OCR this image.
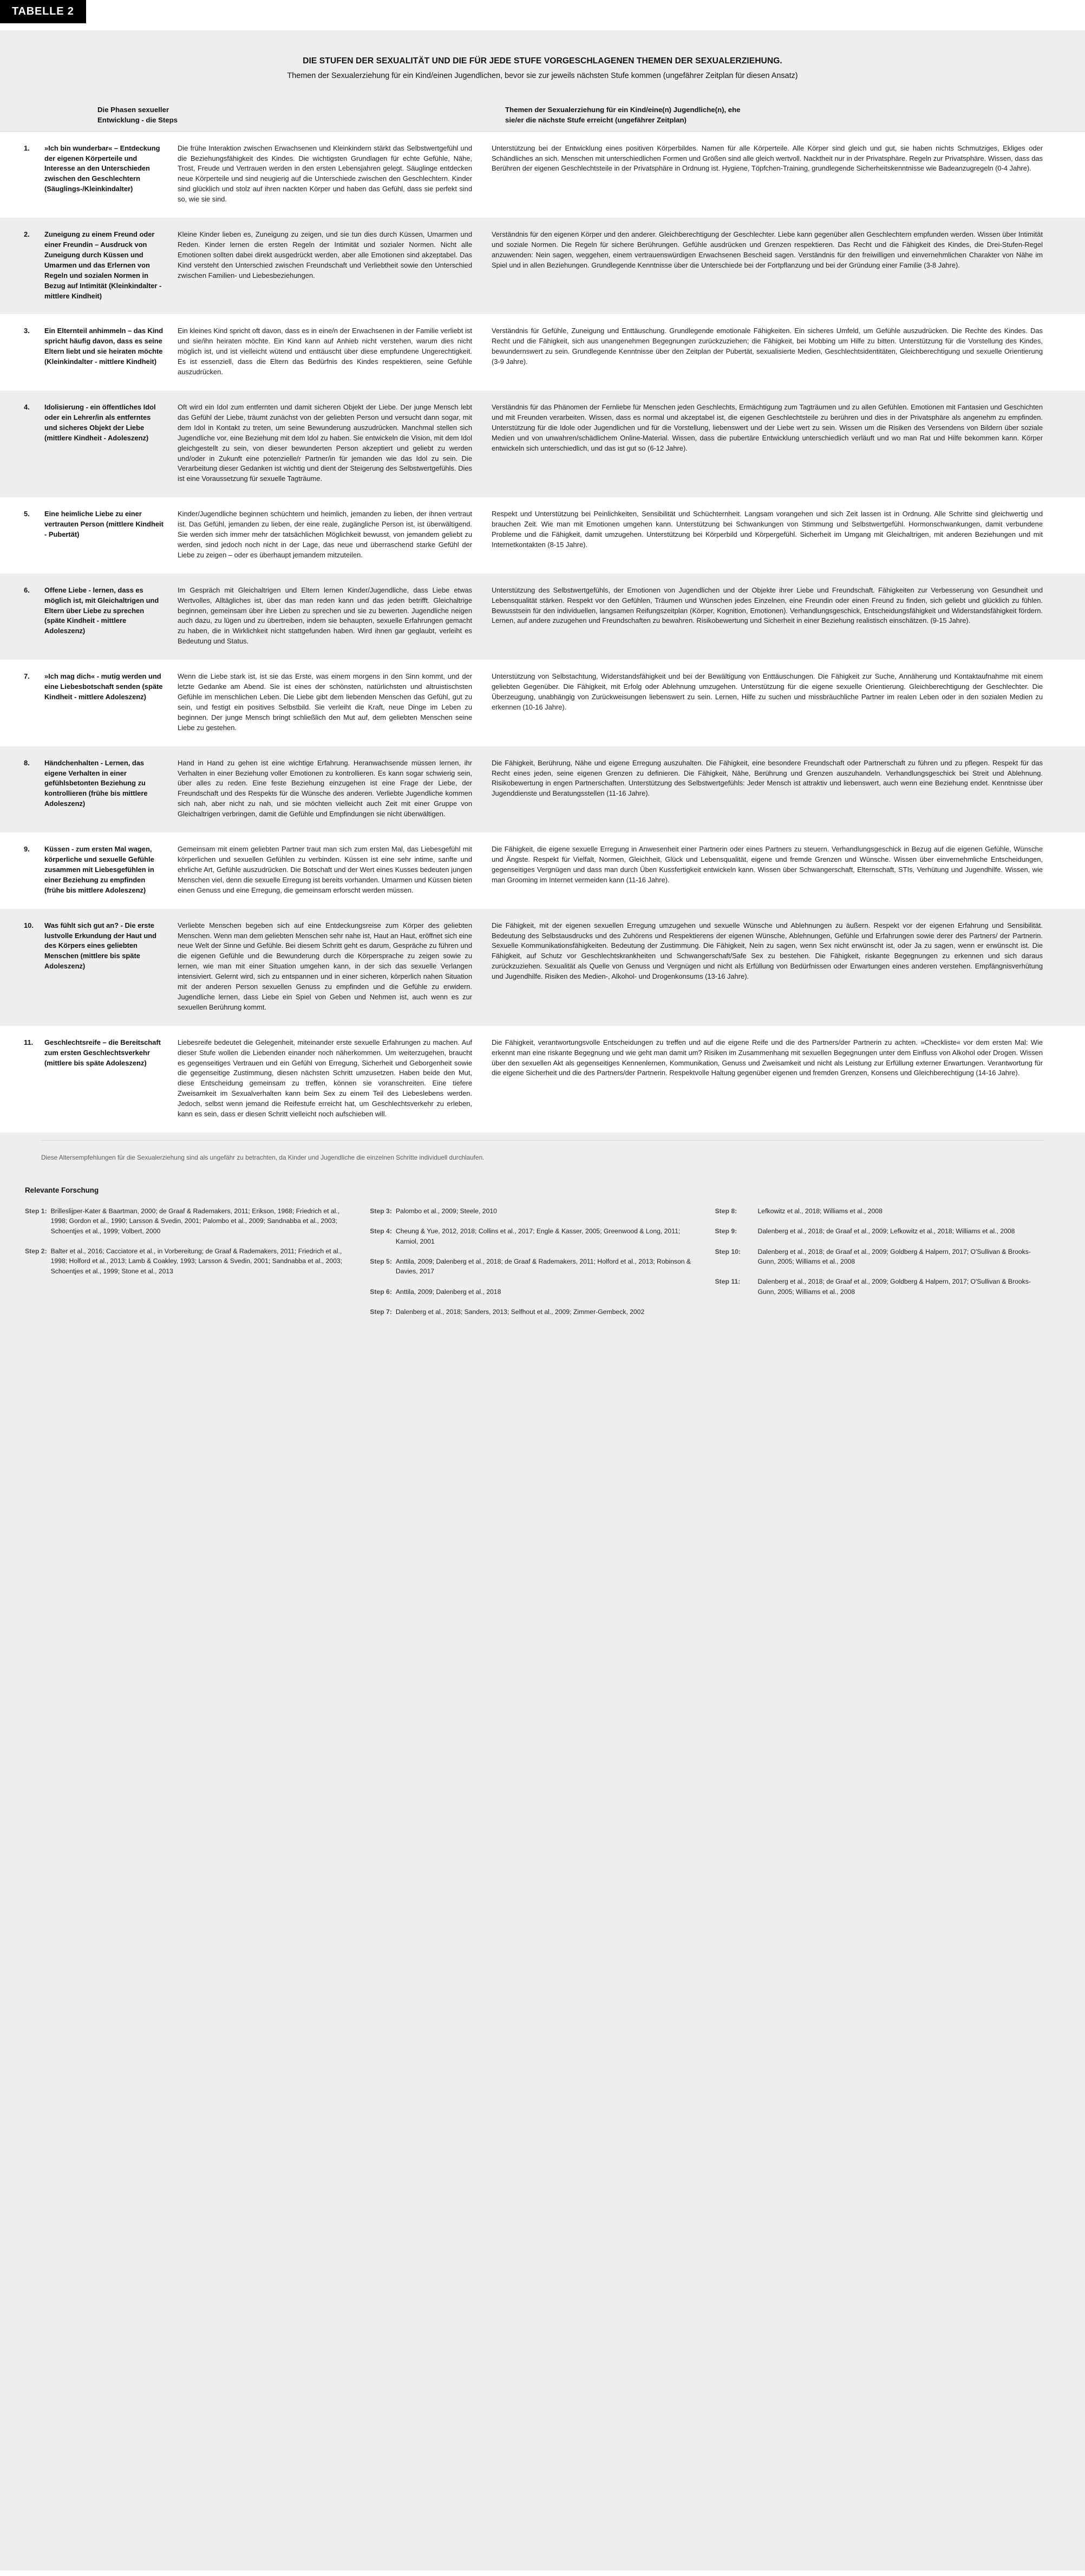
TABELLE 2
DIE STUFEN DER SEXUALITÄT UND DIE FÜR JEDE STUFE VORGESCHLAGENEN THEMEN DER SEXUALERZIEHUNG.
Themen der Sexualerziehung für ein Kind/einen Jugendlichen, bevor sie zur jeweils nächsten Stufe kommen (ungefährer Zeitplan für diesen Ansatz)
Die Phasen sexueller Entwicklung - die Steps
Themen der Sexualerziehung für ein Kind/eine(n) Jugendliche(n), ehe
sie/er die nächste Stufe erreicht (ungefährer Zeitplan)
1.	»Ich bin wunderbar« – Entdeckung der eigenen Körperteile und Interesse an den Unterschieden zwischen den Geschlechtern (Säuglings-/Kleinkindalter)
Die frühe Interaktion zwischen Erwachsenen und Kleinkindern stärkt das Selbstwertgefühl und die Beziehungsfähigkeit des Kindes. Die wichtigsten Grundlagen für echte Gefühle, Nähe, Trost, Freude und Vertrauen werden in den ersten Lebensjahren gelegt. Säuglinge entdecken neue Körperteile und sind neugierig auf die Unterschiede zwischen den Geschlechtern. Kinder sind glücklich und stolz auf ihren nackten Körper und haben das Gefühl, dass sie perfekt sind so, wie sie sind.
Unterstützung bei der Entwicklung eines positiven Körperbildes. Namen für alle Körperteile. Alle Körper sind gleich und gut, sie haben nichts Schmutziges, Ekliges oder Schändliches an sich. Menschen mit unterschiedlichen Formen und Größen sind alle gleich wertvoll. Nacktheit nur in der Privatsphäre. Regeln zur Privatsphäre. Wissen, dass das Berühren der eigenen Geschlechtsteile in der Privatsphäre in Ordnung ist. Hygiene, Töpfchen-Training, grundlegende Sicherheitskenntnisse wie Badeanzugregeln (0-4 Jahre).
2.	Zuneigung zu einem Freund oder einer Freundin – Ausdruck von Zuneigung durch Küssen und Umarmen und das Erlernen von Regeln und sozialen Normen in Bezug auf Intimität (Kleinkindalter - mittlere Kindheit)
Kleine Kinder lieben es, Zuneigung zu zeigen, und sie tun dies durch Küssen, Umarmen und Reden. Kinder lernen die ersten Regeln der Intimität und sozialer Normen. Nicht alle Emotionen sollten dabei direkt ausgedrückt werden, aber alle Emotionen sind akzeptabel. Das Kind versteht den Unterschied zwischen Freundschaft und Verliebtheit sowie den Unterschied zwischen Familien- und Liebesbeziehungen.
Verständnis für den eigenen Körper und den anderer. Gleichberechtigung der Geschlechter. Liebe kann gegenüber allen Geschlechtern empfunden werden. Wissen über Intimität und soziale Normen. Die Regeln für sichere Berührungen. Gefühle ausdrücken und Grenzen respektieren. Das Recht und die Fähigkeit des Kindes, die Drei-Stufen-Regel anzuwenden: Nein sagen, weggehen, einem vertrauenswürdigen Erwachsenen Bescheid sagen. Verständnis für den freiwilligen und einvernehmlichen Charakter von Nähe im Spiel und in allen Beziehungen. Grundlegende Kenntnisse über die Unterschiede bei der Fortpflanzung und bei der Gründung einer Familie (3-8 Jahre).
3.	Ein Elternteil anhimmeln – das Kind spricht häufig davon, dass es seine Eltern liebt und sie heiraten möchte (Kleinkindalter - mittlere Kindheit)
Ein kleines Kind spricht oft davon, dass es in eine/n der Erwachsenen in der Familie verliebt ist und sie/ihn heiraten möchte. Ein Kind kann auf Anhieb nicht verstehen, warum dies nicht möglich ist, und ist vielleicht wütend und enttäuscht über diese empfundene Ungerechtigkeit. Es ist essenziell, dass die Eltern das Bedürfnis des Kindes respektieren, seine Gefühle auszudrücken.
Verständnis für Gefühle, Zuneigung und Enttäuschung. Grundlegende emotionale Fähigkeiten. Ein sicheres Umfeld, um Gefühle auszudrücken. Die Rechte des Kindes. Das Recht und die Fähigkeit, sich aus unangenehmen Begegnungen zurückzuziehen; die Fähigkeit, bei Mobbing um Hilfe zu bitten. Unterstützung für die Vorstellung des Kindes, bewundernswert zu sein. Grundlegende Kenntnisse über den Zeitplan der Pubertät, sexualisierte Medien, Geschlechtsidentitäten, Gleichberechtigung und sexuelle Orientierung (3-9 Jahre).
4.	Idolisierung - ein öffentliches Idol oder ein Lehrer/in als entferntes und sicheres Objekt der Liebe (mittlere Kindheit - Adoleszenz)
Oft wird ein Idol zum entfernten und damit sicheren Objekt der Liebe. Der junge Mensch lebt das Gefühl der Liebe, träumt zunächst von der geliebten Person und versucht dann sogar, mit dem Idol in Kontakt zu treten, um seine Bewunderung auszudrücken. Manchmal stellen sich Jugendliche vor, eine Beziehung mit dem Idol zu haben. Sie entwickeln die Vision, mit dem Idol gleichgestellt zu sein, von dieser bewunderten Person akzeptiert und geliebt zu werden und/oder in Zukunft eine potenzielle/r Partner/in für jemanden wie das Idol zu sein. Die Verarbeitung dieser Gedanken ist wichtig und dient der Steigerung des Selbstwertgefühls. Dies ist eine Voraussetzung für sexuelle Tagträume.
Verständnis für das Phänomen der Fernliebe für Menschen jeden Geschlechts, Ermächtigung zum Tagträumen und zu allen Gefühlen. Emotionen mit Fantasien und Geschichten und mit Freunden verarbeiten. Wissen, dass es normal und akzeptabel ist, die eigenen Geschlechtsteile zu berühren und dies in der Privatsphäre als angenehm zu empfinden. Unterstützung für die Idole oder Jugendlichen und für die Vorstellung, liebenswert und der Liebe wert zu sein. Wissen um die Risiken des Versendens von Bildern über soziale Medien und von unwahren/schädlichem Online-Material. Wissen, dass die pubertäre Entwicklung unterschiedlich verläuft und wo man Rat und Hilfe bekommen kann. Körper entwickeln sich unterschiedlich, und das ist gut so (6-12 Jahre).
5.	Eine heimliche Liebe zu einer vertrauten Person (mittlere Kindheit - Pubertät)
Kinder/Jugendliche beginnen schüchtern und heimlich, jemanden zu lieben, der ihnen vertraut ist. Das Gefühl, jemanden zu lieben, der eine reale, zugängliche Person ist, ist überwältigend. Sie werden sich immer mehr der tatsächlichen Möglichkeit bewusst, von jemandem geliebt zu werden, sind jedoch noch nicht in der Lage, das neue und überraschend starke Gefühl der Liebe zu zeigen – oder es überhaupt jemandem mitzuteilen.
Respekt und Unterstützung bei Peinlichkeiten, Sensibilität und Schüchternheit. Langsam vorangehen und sich Zeit lassen ist in Ordnung. Alle Schritte sind gleichwertig und brauchen Zeit. Wie man mit Emotionen umgehen kann. Unterstützung bei Schwankungen von Stimmung und Selbstwertgefühl. Hormonschwankungen, damit verbundene Probleme und die Fähigkeit, damit umzugehen. Unterstützung bei Körperbild und Körpergefühl. Sicherheit im Umgang mit Gleichaltrigen, mit anderen Beziehungen und mit Internetkontakten (8-15 Jahre).
6.	Offene Liebe - lernen, dass es möglich ist, mit Gleichaltrigen und Eltern über Liebe zu sprechen (späte Kindheit - mittlere Adoleszenz)
Im Gespräch mit Gleichaltrigen und Eltern lernen Kinder/Jugendliche, dass Liebe etwas Wertvolles, Alltägliches ist, über das man reden kann und das jeden betrifft. Gleichaltrige beginnen, gemeinsam über ihre Lieben zu sprechen und sie zu bewerten. Jugendliche neigen auch dazu, zu lügen und zu übertreiben, indem sie behaupten, sexuelle Erfahrungen gemacht zu haben, die in Wirklichkeit nicht stattgefunden haben. Wird ihnen gar geglaubt, verleiht es Bedeutung und Status.
Unterstützung des Selbstwertgefühls, der Emotionen von Jugendlichen und der Objekte ihrer Liebe und Freundschaft. Fähigkeiten zur Verbesserung von Gesundheit und Lebensqualität stärken. Respekt vor den Gefühlen, Träumen und Wünschen jedes Einzelnen, eine Freundin oder einen Freund zu finden, sich geliebt und glücklich zu fühlen. Bewusstsein für den individuellen, langsamen Reifungszeitplan (Körper, Kognition, Emotionen). Verhandlungsgeschick, Entscheidungsfähigkeit und Widerstandsfähigkeit fördern. Lernen, auf andere zuzugehen und Freundschaften zu bewahren. Risikobewertung und Sicherheit in einer Beziehung realistisch einschätzen. (9-15 Jahre).
7.	»Ich mag dich« - mutig werden und eine Liebesbotschaft senden (späte Kindheit - mittlere Adoleszenz)
Wenn die Liebe stark ist, ist sie das Erste, was einem morgens in den Sinn kommt, und der letzte Gedanke am Abend. Sie ist eines der schönsten, natürlichsten und altruistischsten Gefühle im menschlichen Leben. Die Liebe gibt dem liebenden Menschen das Gefühl, gut zu sein, und festigt ein positives Selbstbild. Sie verleiht die Kraft, neue Dinge im Leben zu beginnen. Der junge Mensch bringt schließlich den Mut auf, dem geliebten Menschen seine Liebe zu gestehen.
Unterstützung von Selbstachtung, Widerstandsfähigkeit und bei der Bewältigung von Enttäuschungen. Die Fähigkeit zur Suche, Annäherung und Kontaktaufnahme mit einem geliebten Gegenüber. Die Fähigkeit, mit Erfolg oder Ablehnung umzugehen. Unterstützung für die eigene sexuelle Orientierung. Gleichberechtigung der Geschlechter. Die Überzeugung, unabhängig von Zurückweisungen liebenswert zu sein. Lernen, Hilfe zu suchen und missbräuchliche Partner im realen Leben oder in den sozialen Medien zu erkennen (10-16 Jahre).
8.	Händchenhalten - Lernen, das eigene Verhalten in einer gefühlsbetonten Beziehung zu kontrollieren (frühe bis mittlere Adoleszenz)
Hand in Hand zu gehen ist eine wichtige Erfahrung. Heranwachsende müssen lernen, ihr Verhalten in einer Beziehung voller Emotionen zu kontrollieren. Es kann sogar schwierig sein, über alles zu reden. Eine feste Beziehung einzugehen ist eine Frage der Liebe, der Freundschaft und des Respekts für die Wünsche des anderen. Verliebte Jugendliche kommen sich nah, aber nicht zu nah, und sie möchten vielleicht auch Zeit mit einer Gruppe von Gleichaltrigen verbringen, damit die Gefühle und Empfindungen sie nicht überwältigen.
Die Fähigkeit, Berührung, Nähe und eigene Erregung auszuhalten. Die Fähigkeit, eine besondere Freundschaft oder Partnerschaft zu führen und zu pflegen. Respekt für das Recht eines jeden, seine eigenen Grenzen zu definieren. Die Fähigkeit, Nähe, Berührung und Grenzen auszuhandeln. Verhandlungsgeschick bei Streit und Ablehnung. Risikobewertung in engen Partnerschaften. Unterstützung des Selbstwertgefühls: Jeder Mensch ist attraktiv und liebenswert, auch wenn eine Beziehung endet. Kenntnisse über Jugenddienste und Beratungsstellen (11-16 Jahre).
9.	Küssen - zum ersten Mal wagen, körperliche und sexuelle Gefühle zusammen mit Liebesgefühlen in einer Beziehung zu empfinden (frühe bis mittlere Adoleszenz)
Gemeinsam mit einem geliebten Partner traut man sich zum ersten Mal, das Liebesgefühl mit körperlichen und sexuellen Gefühlen zu verbinden. Küssen ist eine sehr intime, sanfte und ehrliche Art, Gefühle auszudrücken. Die Botschaft und der Wert eines Kusses bedeuten jungen Menschen viel, denn die sexuelle Erregung ist bereits vorhanden. Umarmen und Küssen bieten einen Genuss und eine Erregung, die gemeinsam erforscht werden müssen.
Die Fähigkeit, die eigene sexuelle Erregung in Anwesenheit einer Partnerin oder eines Partners zu steuern. Verhandlungsgeschick in Bezug auf die eigenen Gefühle, Wünsche und Ängste. Respekt für Vielfalt, Normen, Gleichheit, Glück und Lebensqualität, eigene und fremde Grenzen und Wünsche. Wissen über einvernehmliche Entscheidungen, gegenseitiges Vergnügen und dass man durch Üben Kussfertigkeit entwickeln kann. Wissen über Schwangerschaft, Elternschaft, STIs, Verhütung und Jugendhilfe. Wissen, wie man Grooming im Internet vermeiden kann (11-16 Jahre).
10.	Was fühlt sich gut an? - Die erste lustvolle Erkundung der Haut und des Körpers eines geliebten Menschen (mittlere bis späte Adoleszenz)
Verliebte Menschen begeben sich auf eine Entdeckungsreise zum Körper des geliebten Menschen. Wenn man dem geliebten Menschen sehr nahe ist, Haut an Haut, eröffnet sich eine neue Welt der Sinne und Gefühle. Bei diesem Schritt geht es darum, Gespräche zu führen und die eigenen Gefühle und die Bewunderung durch die Körpersprache zu zeigen sowie zu lernen, wie man mit einer Situation umgehen kann, in der sich das sexuelle Verlangen intensiviert. Gelernt wird, sich zu entspannen und in einer sicheren, körperlich nahen Situation mit der anderen Person sexuellen Genuss zu empfinden und die Gefühle zu erwidern. Jugendliche lernen, dass Liebe ein Spiel von Geben und Nehmen ist, auch wenn es zur sexuellen Berührung kommt.
Die Fähigkeit, mit der eigenen sexuellen Erregung umzugehen und sexuelle Wünsche und Ablehnungen zu äußern. Respekt vor der eigenen Erfahrung und Sensibilität. Bedeutung des Selbstausdrucks und des Zuhörens und Respektierens der eigenen Wünsche, Ablehnungen, Gefühle und Erfahrungen sowie derer des Partners/ der Partnerin. Sexuelle Kommunikationsfähigkeiten. Bedeutung der Zustimmung. Die Fähigkeit, Nein zu sagen, wenn Sex nicht erwünscht ist, oder Ja zu sagen, wenn er erwünscht ist. Die Fähigkeit, auf Schutz vor Geschlechtskrankheiten und Schwangerschaft/Safe Sex zu bestehen. Die Fähigkeit, riskante Begegnungen zu erkennen und sich daraus zurückzuziehen. Sexualität als Quelle von Genuss und Vergnügen und nicht als Erfüllung von Bedürfnissen oder Erwartungen eines anderen verstehen. Empfängnisverhütung und Jugendhilfe. Risiken des Medien-, Alkohol- und Drogenkonsums (13-16 Jahre).
11.	Geschlechtsreife – die Bereitschaft zum ersten Geschlechtsverkehr (mittlere bis späte Adoleszenz)
Liebesreife bedeutet die Gelegenheit, miteinander erste sexuelle Erfahrungen zu machen. Auf dieser Stufe wollen die Liebenden einander noch näherkommen. Um weiterzugehen, braucht es gegenseitiges Vertrauen und ein Gefühl von Erregung, Sicherheit und Geborgenheit sowie die gegenseitige Zustimmung, diesen nächsten Schritt umzusetzen. Haben beide den Mut, diese Entscheidung gemeinsam zu treffen, können sie voranschreiten. Eine tiefere Zweisamkeit im Sexualverhalten kann beim Sex zu einem Teil des Liebeslebens werden. Jedoch, selbst wenn jemand die Reifestufe erreicht hat, um Geschlechtsverkehr zu erleben, kann es sein, dass er diesen Schritt vielleicht noch aufschieben will.
Die Fähigkeit, verantwortungsvolle Entscheidungen zu treffen und auf die eigene Reife und die des Partners/der Partnerin zu achten. »Checkliste« vor dem ersten Mal: Wie erkennt man eine riskante Begegnung und wie geht man damit um? Risiken im Zusammenhang mit sexuellen Begegnungen unter dem Einfluss von Alkohol oder Drogen. Wissen über den sexuellen Akt als gegenseitiges Kennenlernen, Kommunikation, Genuss und Zweisamkeit und nicht als Leistung zur Erfüllung externer Erwartungen. Verantwortung für die eigene Sicherheit und die des Partners/der Partnerin. Respektvolle Haltung gegenüber eigenen und fremden Grenzen, Konsens und Gleichberechtigung (14-16 Jahre).
Diese Altersempfehlungen für die Sexualerziehung sind als ungefähr zu betrachten, da Kinder und Jugendliche die einzelnen Schritte individuell durchlaufen.
Relevante Forschung
Step 1: Brilleslijper-Kater & Baartman, 2000; de Graaf & Rademakers, 2011; Erikson, 1968; Friedrich et al., 1998; Gordon et al., 1990; Larsson & Svedin, 2001; Palombo et al., 2009; Sandnabba et al., 2003; Schoentjes et al., 1999; Volbert, 2000
Step 2: Balter et al., 2016; Cacciatore et al., in Vorbereitung; de Graaf & Rademakers, 2011; Friedrich et al., 1998; Holford et al., 2013; Lamb & Coakley, 1993; Larsson & Svedin, 2001; Sandnabba et al., 2003; Schoentjes et al., 1999; Stone et al., 2013
Step 3: Palombo et al., 2009; Steele, 2010
Step 4: Cheung & Yue, 2012, 2018; Collins et al., 2017; Engle & Kasser, 2005; Greenwood & Long, 2011; Karniol, 2001
Step 5: Anttila, 2009; Dalenberg et al., 2018; de Graaf & Rademakers, 2011; Holford et al., 2013; Robinson & Davies, 2017
Step 6: Anttila, 2009; Dalenberg et al., 2018
Step 7: Dalenberg et al., 2018; Sanders, 2013; Selfhout et al., 2009; Zimmer-Gembeck, 2002
Step 8:	Lefkowitz et al., 2018; Williams et al., 2008
Step 9:	Dalenberg et al., 2018; de Graaf et al., 2009; Lefkowitz et al., 2018; Williams et al., 2008
Step 10:	Dalenberg et al., 2018; de Graaf et al., 2009; Goldberg & Halpern, 2017; O'Sullivan & Brooks-Gunn, 2005; Williams et al., 2008
Step 11:	Dalenberg et al., 2018; de Graaf et al., 2009; Goldberg & Halpern, 2017; O'Sullivan & Brooks-Gunn, 2005; Williams et al., 2008
